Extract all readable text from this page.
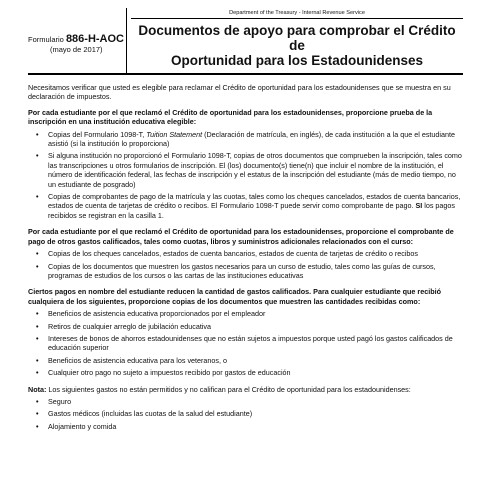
Formulario 886-H-AOC
(mayo de 2017)
Department of the Treasury - Internal Revenue Service
Documentos de apoyo para comprobar el Crédito de
Oportunidad para los Estadounidenses

Necesitamos verificar que usted es elegible para reclamar el Crédito de oportunidad para los estadounidenses que se muestra en su declaración de impuestos.

Por cada estudiante por el que reclamó el Crédito de oportunidad para los estadounidenses, proporcione prueba de la inscripción en una institución educativa elegible:

• Copias del Formulario 1098-T, Tuition Statement (Declaración de matrícula, en inglés), de cada institución a la que el estudiante asistió (si la institución lo proporciona)
• Si alguna institución no proporcionó el Formulario 1098-T, copias de otros documentos que comprueben la inscripción, tales como las transcripciones u otros formularios de inscripción. El (los) documento(s) tiene(n) que incluir el nombre de la institución, el número de identificación federal, las fechas de inscripción y el estatus de la inscripción del estudiante (más de medio tiempo, no un estudiante de posgrado)
• Copias de comprobantes de pago de la matrícula y las cuotas, tales como los cheques cancelados, estados de cuenta bancarios, estados de cuenta de tarjetas de crédito o recibos. El Formulario 1098-T puede servir como comprobante de pago. SI los pagos recibidos se registran en la casilla 1.

Por cada estudiante por el que reclamó el Crédito de oportunidad para los estadounidenses, proporcione el comprobante de pago de otros gastos calificados, tales como cuotas, libros y suministros adicionales relacionados con el curso:

• Copias de los cheques cancelados, estados de cuenta bancarios, estados de cuenta de tarjetas de crédito o recibos
• Copias de los documentos que muestren los gastos necesarios para un curso de estudio, tales como las guías de cursos, programas de estudios de los cursos o las cartas de las instituciones educativas

Ciertos pagos en nombre del estudiante reducen la cantidad de gastos calificados. Para cualquier estudiante que recibió cualquiera de los siguientes, proporcione copias de los documentos que muestren las cantidades recibidas como:

• Beneficios de asistencia educativa proporcionados por el empleador
• Retiros de cualquier arreglo de jubilación educativa
• Intereses de bonos de ahorros estadounidenses que no están sujetos a impuestos porque usted pagó los gastos calificados de educación superior
• Beneficios de asistencia educativa para los veteranos, o
• Cualquier otro pago no sujeto a impuestos recibido por gastos de educación

Nota: Los siguientes gastos no están permitidos y no califican para el Crédito de oportunidad para los estadounidenses:

• Seguro
• Gastos médicos (incluidas las cuotas de la salud del estudiante)
• Alojamiento y comida
